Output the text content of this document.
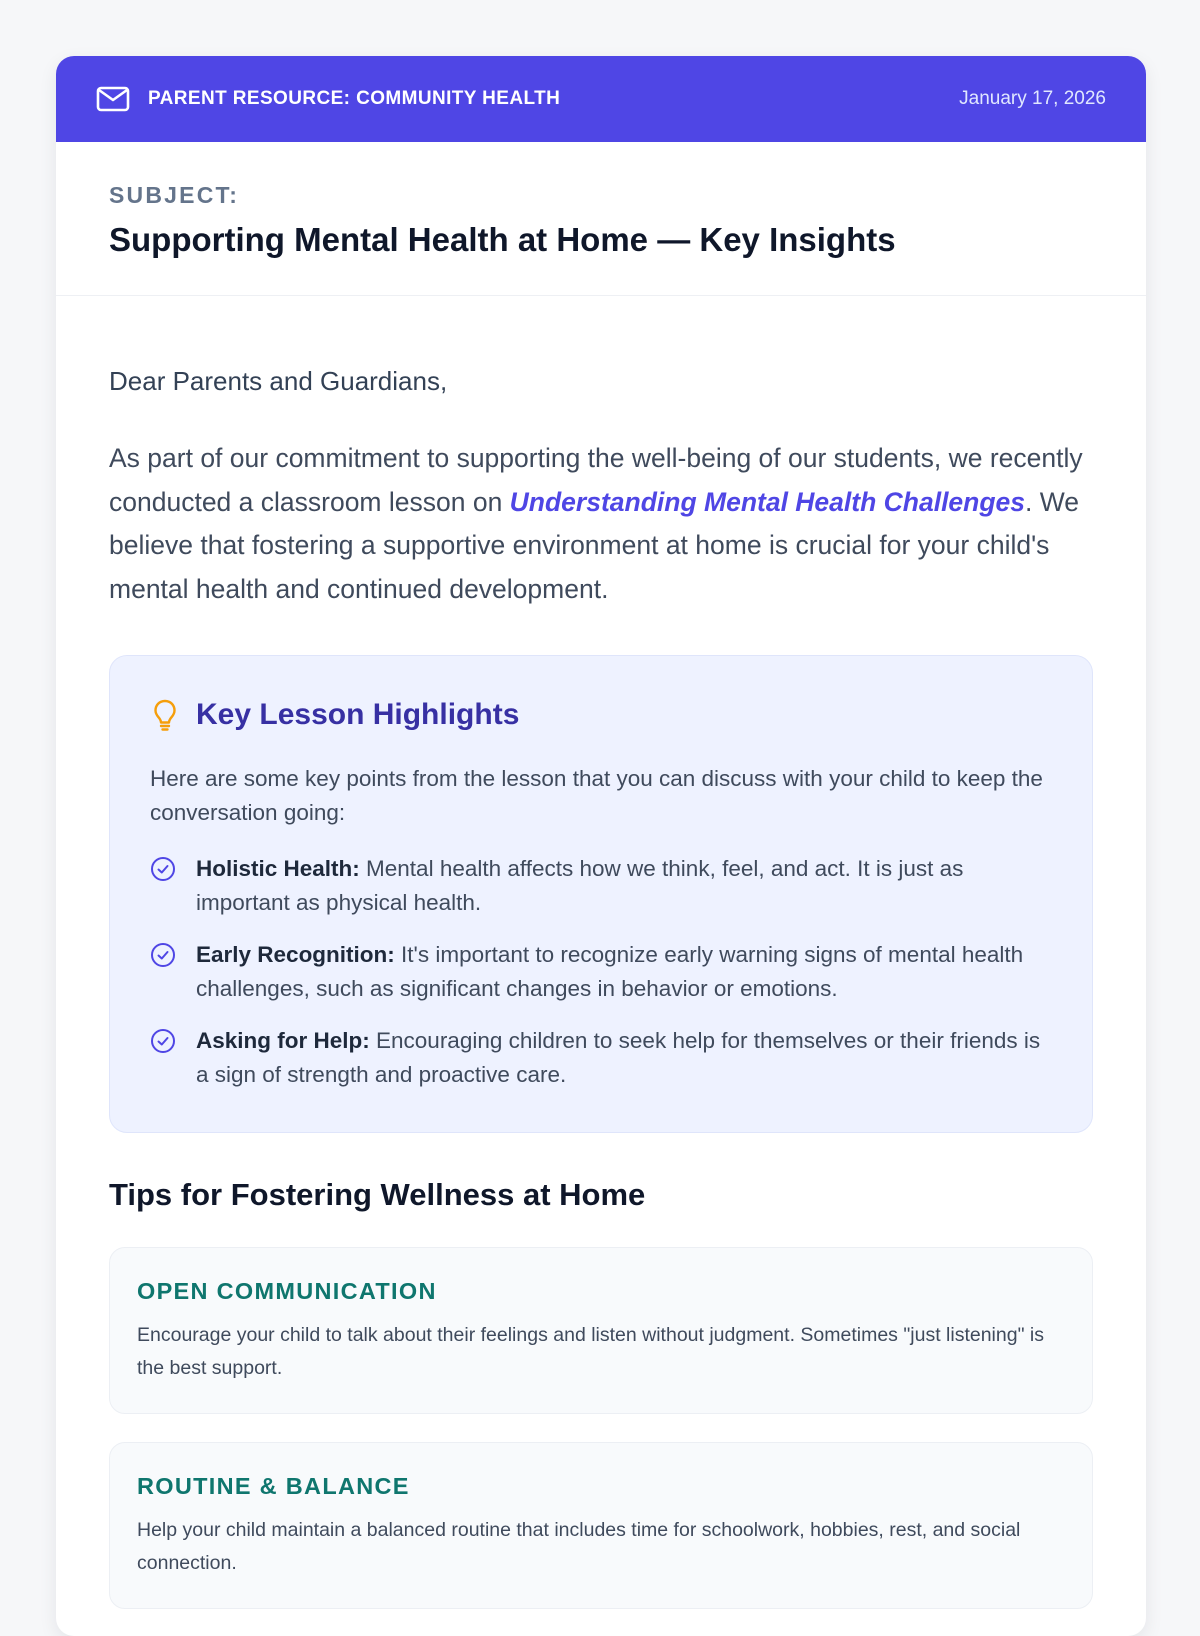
PARENT RESOURCE: COMMUNITY HEALTH	January 17, 2026
SUBJECT:
Supporting Mental Health at Home — Key Insights

Dear Parents and Guardians,

As part of our commitment to supporting the well-being of our students, we recently conducted a classroom lesson on Understanding Mental Health Challenges. We believe that fostering a supportive environment at home is crucial for your child's mental health and continued development.

Key Lesson Highlights

Here are some key points from the lesson that you can discuss with your child to keep the conversation going:

Holistic Health: Mental health affects how we think, feel, and act. It is just as important as physical health.
Early Recognition: It's important to recognize early warning signs of mental health challenges, such as significant changes in behavior or emotions.
Asking for Help: Encouraging children to seek help for themselves or their friends is a sign of strength and proactive care.
Tips for Fostering Wellness at Home
OPEN COMMUNICATION

Encourage your child to talk about their feelings and listen without judgment. Sometimes "just listening" is the best support.

ROUTINE & BALANCE

Help your child maintain a balanced routine that includes time for schoolwork, hobbies, rest, and social connection.
